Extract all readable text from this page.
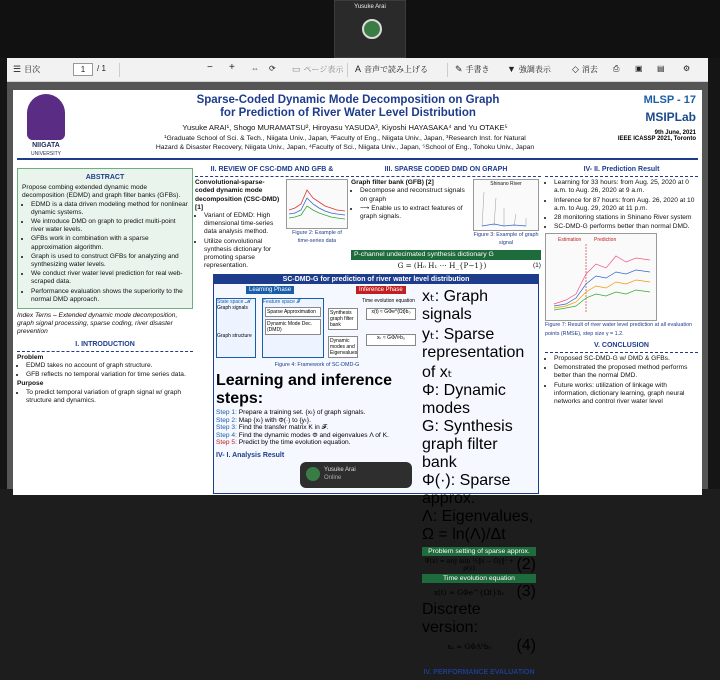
Yusuke Arai
☰ 目次	1	/ 1	− + ⇔ ⟳ ▭ ページ表示 A 音声で読み上げる	✎ 手書き ▼ 強調表示 ◇ 消去 ⎙ ▣ ▤ ⚙
NIIGATA
UNIVERSITY
Sparse-Coded Dynamic Mode Decomposition on Graph
for Prediction of River Water Level Distribution
Yusuke ARAI¹, Shogo MURAMATSU², Hiroyasu YASUDA³, Kiyoshi HAYASAKA⁴ and Yu OTAKE⁵
¹Graduate School of Sci. & Tech., Niigata Univ., Japan, ²Faculty of Eng., Niigata Univ., Japan, ³Research Inst. for Natural
Hazard & Disaster Recovery, Niigata Univ., Japan, ⁴Faculty of Sci., Niigata Univ., Japan, ⁵School of Eng., Tohoku Univ., Japan
MLSP - 17
MSIPLab
9th June, 2021
IEEE ICASSP 2021, Toronto
ABSTRACT
Propose combing extended dynamic mode decomposition (EDMD) and graph filter banks (GFBs).
• EDMD is a data driven modeling method for nonlinear dynamic systems.
• We introduce DMD on graph to predict multi-point river water levels.
• GFBs work in combination with a sparse approximation algorithm.
• Graph is used to construct GFBs for analyzing and synthesizing water levels.
• We conduct river water level prediction for real web-scraped data.
• Performance evaluation shows the superiority to the normal DMD approach.
Index Terns – Extended dynamic mode decomposition, graph signal processing, sparse coding, river disaster prevention
I. INTRODUCTION
Problem
• EDMD takes no account of graph structure.
• GFB reflects no temporal variation for time series data.
Purpose
• To predict temporal variation of graph signal w/ graph structure and dynamics.
II. REVIEW OF CSC-DMD AND GFB &
Convolutional-sparse-coded dynamic mode decomposition (CSC-DMD) [1]
• Variant of EDMD: High dimensional time-series data analysis method.
• Utilize convolutional synthesis dictionary for promoting sparse representation.
Figure 2: Example of time-series data
III. SPARSE CODED DMD ON GRAPH
Graph filter bank (GFB) [2]
• Decompose and reconstruct signals on graph
• ⟶ Enable us to extract features of graph signals.
Shinano River
Figure 3: Example of graph signal
P-channel undecimated synthesis dictionary G
G = (H₀ H₁ ⋯ H_{P−1})	(1)
SC-DMD-G for prediction of river water level distribution
Learning Phase	Inference Phase
State space 𝓜
Graph signals
Graph structure
Feature space 𝓕
Sparse Approximation
Dynamic Mode Dec.(DMD)
Synthesis graph filter bank
Dynamic modes and Eigenvalues
Time evolution equation
x(t) ≈ GΦe^{Ωt}b₀
xₖ ≈ GΦΛᵏb₀
Figure 4: Framework of SC-DMD-G
Learning and inference steps:
Step 1: Prepare a training set. {xₜ} of graph signals.
Step 2: Map {xₜ} with Φ(·) to {yₜ}.
Step 3: Find the transfer matrix K in 𝓕.
Step 4: Find the dynamic modes Φ and eigenvalues Λ of K.
Step 5: Predict by the time evolution equation.
IV- I. Analysis Result
xₜ: Graph signals
yₜ: Sparse representation of xₜ
Φ: Dynamic modes
G: Synthesis graph filter bank
Φ(·): Sparse approx.
Λ: Eigenvalues, Ω = ln(Λ)/Δt
Problem setting of sparse approx.
Ψ(x) = arg min ½‖x − Gy‖² + ρ(y)	(2)
Time evolution equation
x(t) ≈ GΦe^{Ωt}b₀ (3)
Discrete version:
xₖ ≈ GΦΛᵏb₀	(4)
IV. PERFORMANCE EVALUATION
IV- II. Prediction Result
• Learning for 33 hours: from Aug. 25, 2020 at 0 a.m. to Aug. 26, 2020 at 9 a.m.
• Inference for 87 hours: from Aug. 26, 2020 at 10 a.m. to Aug. 29, 2020 at 11 p.m.
• 28 monitoring stations in Shinano River system
• SC-DMD-G performs better than normal DMD.
Estimation	Prediction
Figure 7: Result of river water level prediction at all evaluation points (RMSE), step size γ = 1.2.
V. CONCLUSION
• Proposed SC-DMD-G w/ DMD & GFBs.
• Demonstrated the proposed method performs better than the normal DMD.
• Future works: utilization of linkage with information, dictionary learning, graph neural networks and control river water level
Yusuke Arai
Online
